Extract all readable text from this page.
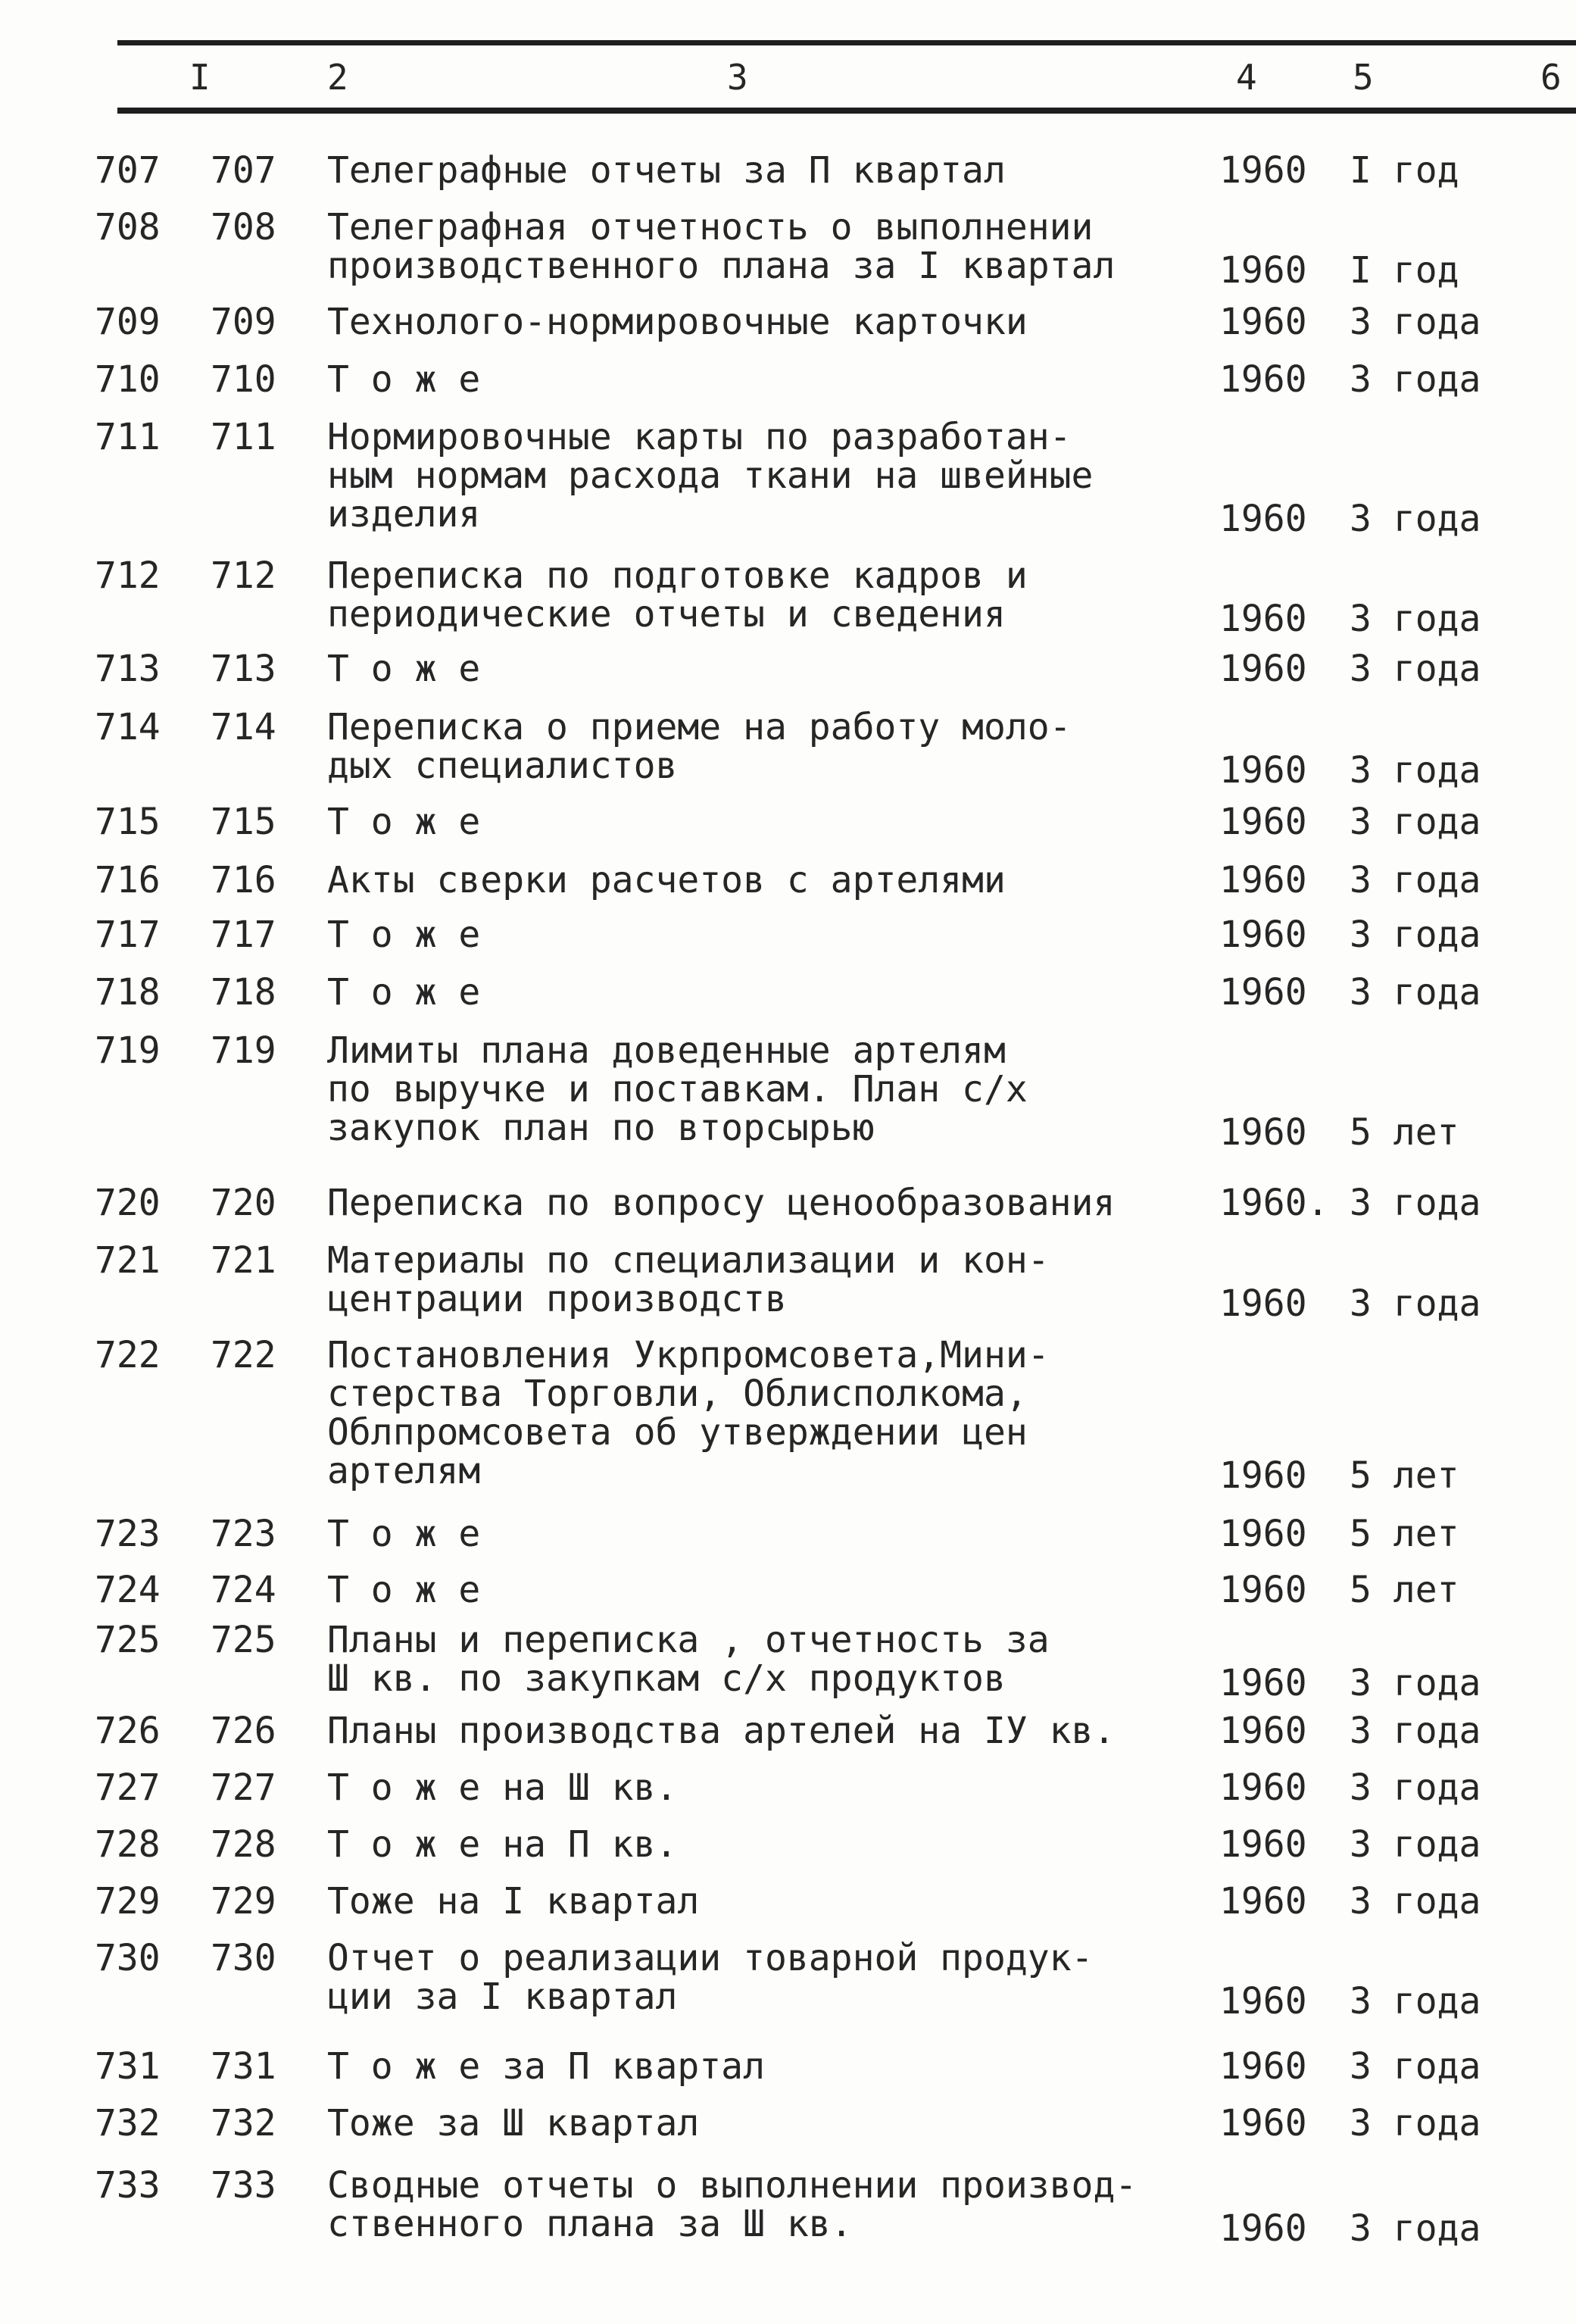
I	2	3	4	5	6
707 707 Телеграфные отчеты за П квартал	1960 I год
708 708 Телеграфная отчетность о выполнении
производственного плана за I квартал	1960 I год
709 709 Технолого-нормировочные карточки	1960 3 года
710 710 Т о ж е	1960 3 года
711 711 Нормировочные карты по разработан-
ным нормам расхода ткани на швейные
изделия	1960 3 года
712 712 Переписка по подготовке кадров и
периодические отчеты и сведения	1960 3 года
713 713 Т о ж е	1960 3 года
714 714 Переписка о приеме на работу моло-
дых специалистов	1960 3 года
715 715 Т о ж е	1960 3 года
716 716 Акты сверки расчетов с артелями	1960 3 года
717 717 Т о ж е	1960 3 года
718 718 Т о ж е	1960 3 года
719 719 Лимиты плана доведенные артелям
по выручке и поставкам. План с/х
закупок план по вторсырью	1960 5 лет
720 720 Переписка по вопросу ценообразования	1960. 3 года
721 721 Материалы по специализации и кон-
центрации производств	1960 3 года
722 722 Постановления Укрпромсовета,Мини-
стерства Торговли, Облисполкома,
Облпромсовета об утверждении цен
артелям	1960 5 лет
723 723 Т о ж е	1960 5 лет
724 724 Т о ж е	1960 5 лет
725 725 Планы и переписка , отчетность за
Ш кв. по закупкам с/х продуктов	1960 3 года
726 726 Планы производства артелей на IУ кв.	1960 3 года
727 727 Т о ж е на Ш кв.	1960 3 года
728 728 Т о ж е на П кв.	1960 3 года
729 729 Тоже на I квартал	1960 3 года
730 730 Отчет о реализации товарной продук-
ции за I квартал	1960 3 года
731 731 Т о ж е за П квартал	1960 3 года
732 732 Тоже за Ш квартал	1960 3 года
733 733 Сводные отчеты о выполнении производ-
ственного плана за Ш кв.	1960 3 года
